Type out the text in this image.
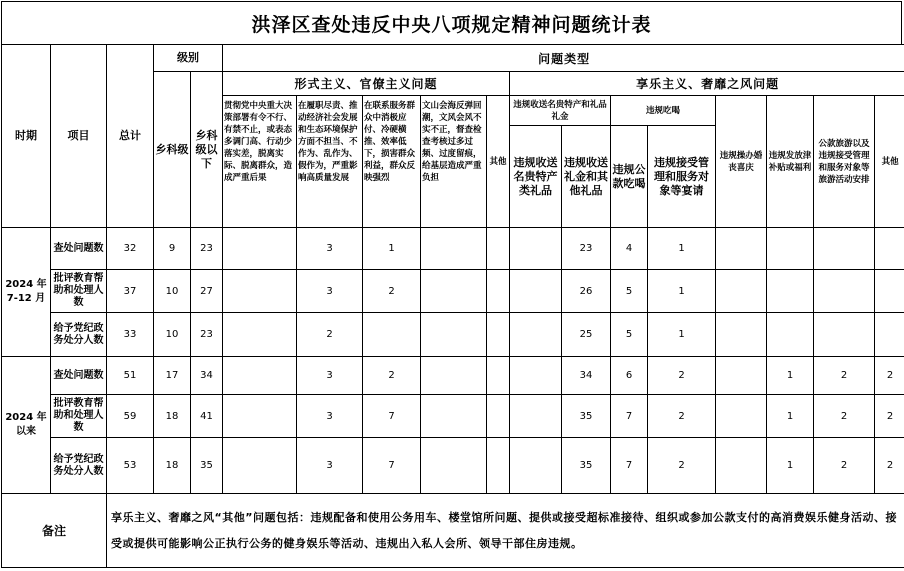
洪泽区查处违反中央八项规定精神问题统计表
时期	项目	总计	级别		问题类型												
			乡科级	乡科级以下	形式主义、官僚主义问题					享乐主义、奢靡之风问题							
					贯彻党中央重大决策部署有令不行、有禁不止，或表态多调门高、行动少落实差，脱离实际、脱离群众，造成严重后果	在履职尽责、推动经济社会发展和生态环境保护方面不担当、不作为、乱作为、假作为，严重影响高质量发展	在联系服务群众中消极应付、冷硬横推、效率低下，损害群众利益，群众反映强烈	文山会海反弹回潮，文风会风不实不正，督查检查考核过多过频、过度留痕，给基层造成严重负担	其他	违规收送名贵特产和礼品礼金		违规吃喝		违规操办婚丧喜庆	违规发放津补贴或福利	公款旅游以及违规接受管理和服务对象等旅游活动安排	其他
										违规收送名贵特产类礼品	违规收送礼金和其他礼品	违规公款吃喝	违规接受管理和服务对象等宴请				
2024 年7-12 月	查处问题数	32	9	23		3	1				23	4	1				
	批评教育帮助和处理人数	37	10	27		3	2				26	5	1				
	给予党纪政务处分人数	33	10	23		2					25	5	1				
2024 年以来	查处问题数	51	17	34		3	2				34	6	2		1	2	2
	批评教育帮助和处理人数	59	18	41		3	7				35	7	2		1	2	2
	给予党纪政务处分人数	53	18	35		3	7				35	7	2		1	2	2
备注		享乐主义、奢靡之风“其他”问题包括：违规配备和使用公务用车、楼堂馆所问题、提供或接受超标准接待、组织或参加公款支付的高消费娱乐健身活动、接受或提供可能影响公正执行公务的健身娱乐等活动、违规出入私人会所、领导干部住房违规。															
